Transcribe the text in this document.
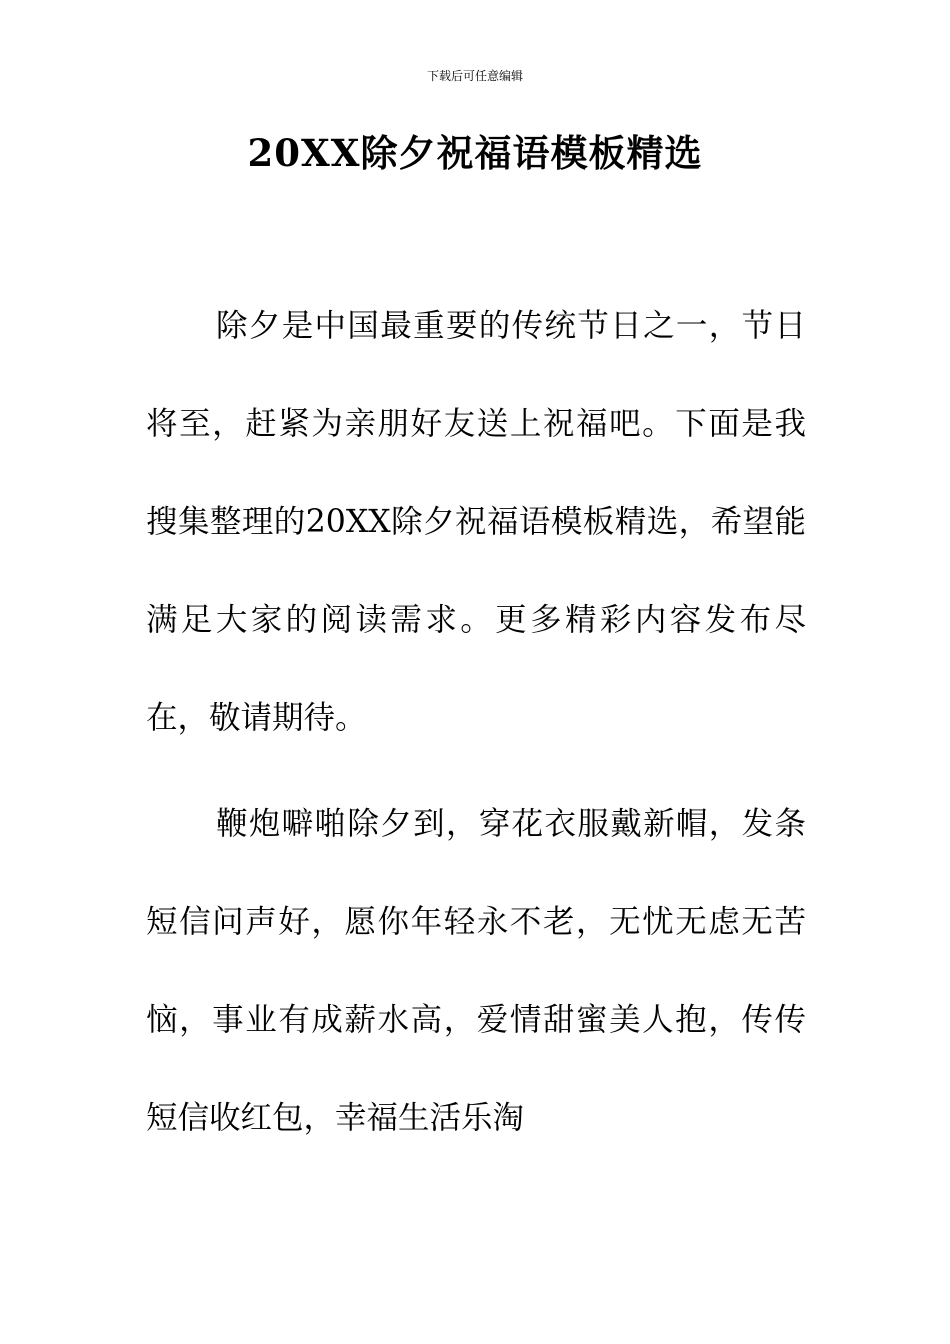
下载后可任意编辑
20XX除夕祝福语模板精选

除夕是中国最重要的传统节日之一，节日将至，赶紧为亲朋好友送上祝福吧。下面是我搜集整理的20XX除夕祝福语模板精选，希望能满足大家的阅读需求。更多精彩内容发布尽在，敬请期待。

鞭炮噼啪除夕到，穿花衣服戴新帽，发条短信问声好，愿你年轻永不老，无忧无虑无苦恼，事业有成薪水高，爱情甜蜜美人抱，传传短信收红包，幸福生活乐淘
